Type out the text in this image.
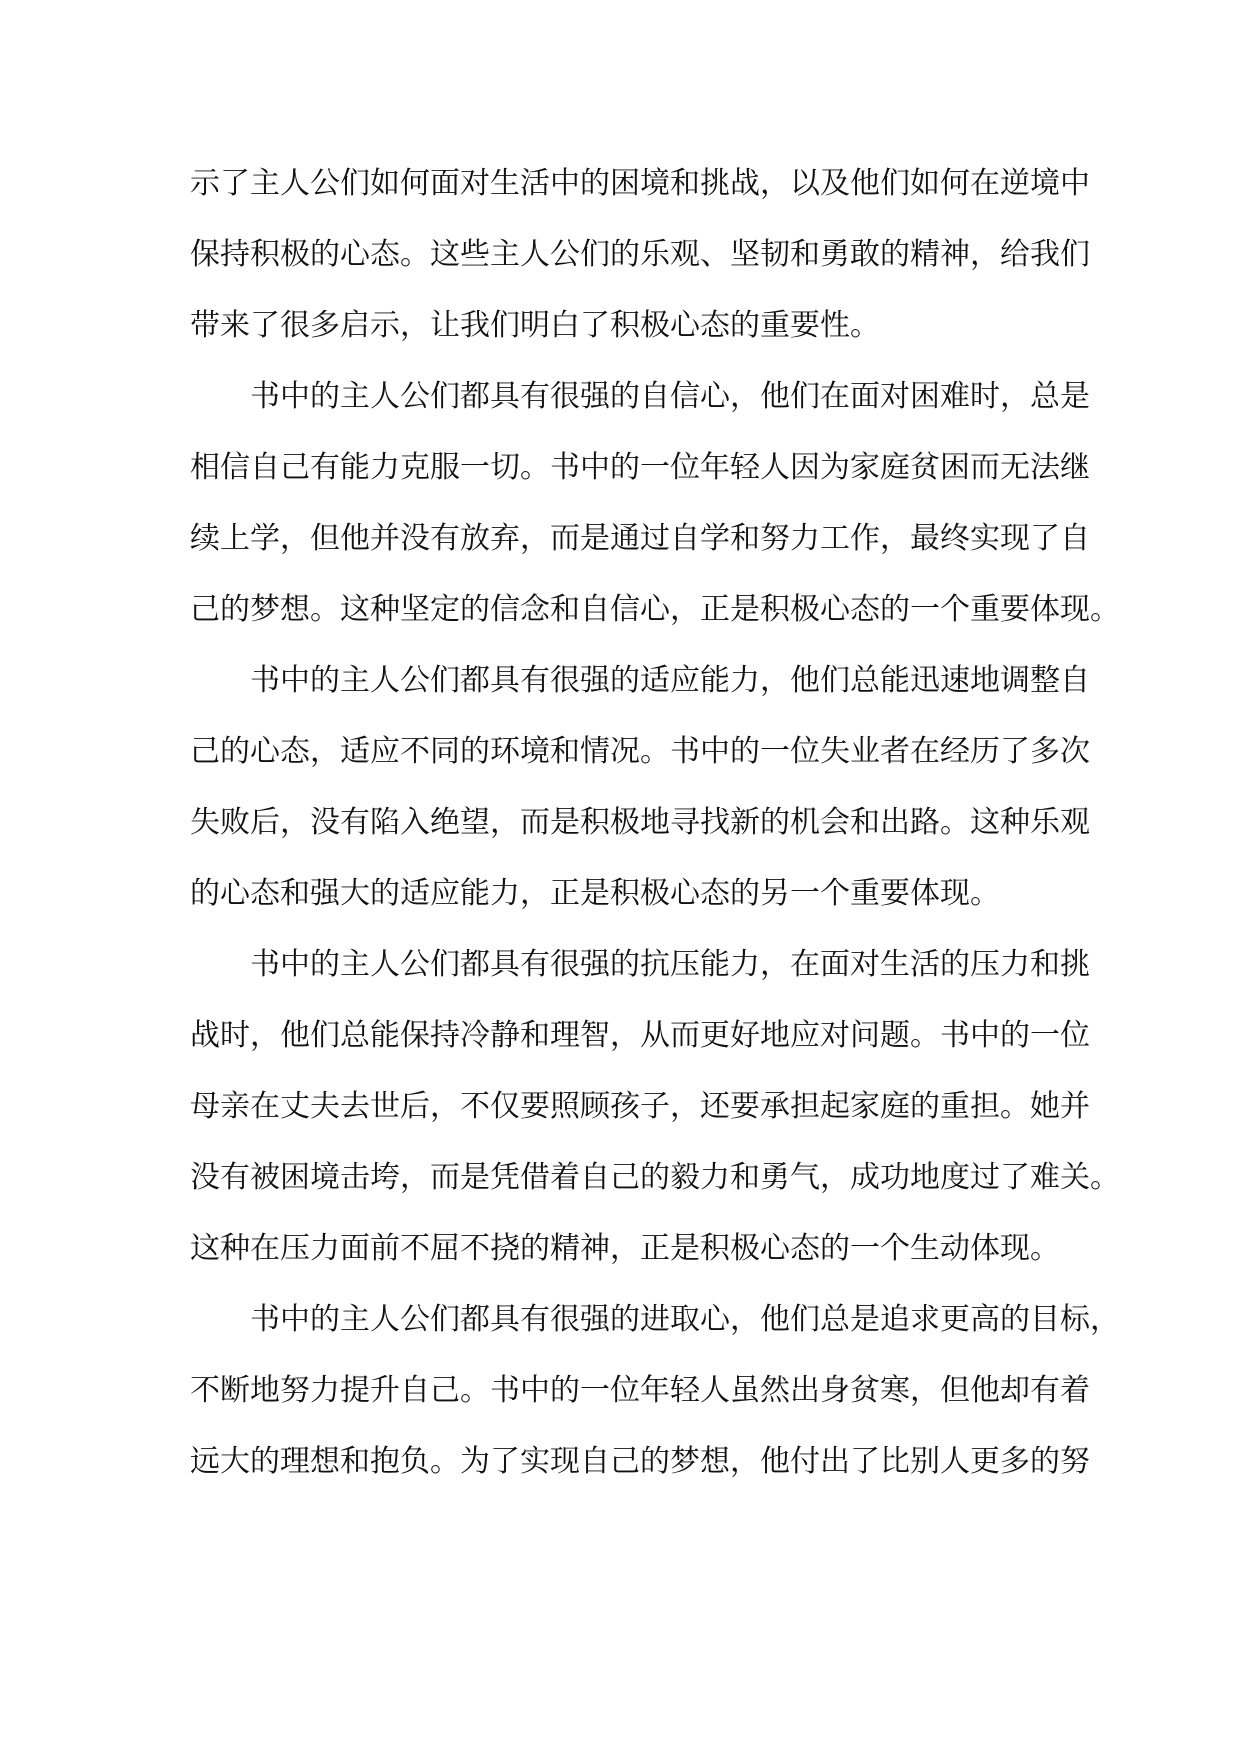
示了主人公们如何面对生活中的困境和挑战，以及他们如何在逆境中
保持积极的心态。这些主人公们的乐观、坚韧和勇敢的精神，给我们
带来了很多启示，让我们明白了积极心态的重要性。

书中的主人公们都具有很强的自信心，他们在面对困难时，总是
相信自己有能力克服一切。书中的一位年轻人因为家庭贫困而无法继
续上学，但他并没有放弃，而是通过自学和努力工作，最终实现了自
己的梦想。这种坚定的信念和自信心，正是积极心态的一个重要体现。

书中的主人公们都具有很强的适应能力，他们总能迅速地调整自
己的心态，适应不同的环境和情况。书中的一位失业者在经历了多次
失败后，没有陷入绝望，而是积极地寻找新的机会和出路。这种乐观
的心态和强大的适应能力，正是积极心态的另一个重要体现。

书中的主人公们都具有很强的抗压能力，在面对生活的压力和挑
战时，他们总能保持冷静和理智，从而更好地应对问题。书中的一位
母亲在丈夫去世后，不仅要照顾孩子，还要承担起家庭的重担。她并
没有被困境击垮，而是凭借着自己的毅力和勇气，成功地度过了难关。
这种在压力面前不屈不挠的精神，正是积极心态的一个生动体现。

书中的主人公们都具有很强的进取心，他们总是追求更高的目标，
不断地努力提升自己。书中的一位年轻人虽然出身贫寒，但他却有着
远大的理想和抱负。为了实现自己的梦想，他付出了比别人更多的努
